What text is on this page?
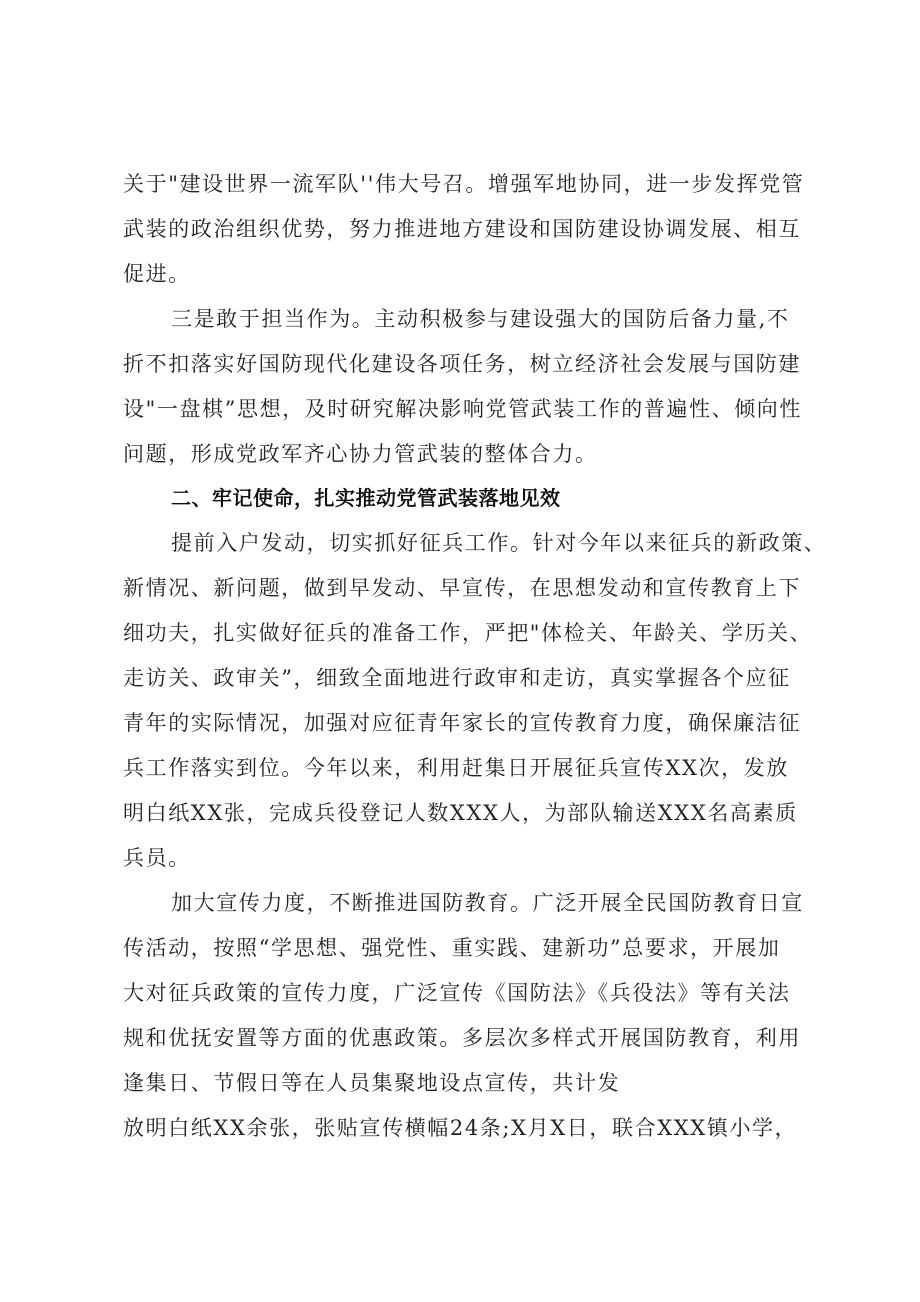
关于"建设世界一流军队''伟大号召。增强军地协同，进一步发挥党管
武装的政治组织优势，努力推进地方建设和国防建设协调发展、相互
促进。
三是敢于担当作为。主动积极参与建设强大的国防后备力量,不
折不扣落实好国防现代化建设各项任务，树立经济社会发展与国防建
设"一盘棋”思想，及时研究解决影响党管武装工作的普遍性、倾向性
问题，形成党政军齐心协力管武装的整体合力。
二、牢记使命，扎实推动党管武装落地见效
提前入户发动，切实抓好征兵工作。针对今年以来征兵的新政策、
新情况、新问题，做到早发动、早宣传，在思想发动和宣传教育上下
细功夫，扎实做好征兵的准备工作，严把"体检关、年龄关、学历关、
走访关、政审关”，细致全面地进行政审和走访，真实掌握各个应征
青年的实际情况，加强对应征青年家长的宣传教育力度，确保廉洁征
兵工作落实到位。今年以来，利用赶集日开展征兵宣传XX次，发放
明白纸XX张，完成兵役登记人数XXX人，为部队输送XXX名高素质
兵员。
加大宣传力度，不断推进国防教育。广泛开展全民国防教育日宣
传活动，按照“学思想、强党性、重实践、建新功”总要求，开展加
大对征兵政策的宣传力度，广泛宣传《国防法》《兵役法》等有关法
规和优抚安置等方面的优惠政策。多层次多样式开展国防教育，利用
逢集日、节假日等在人员集聚地设点宣传，共计发
放明白纸XX余张，张贴宣传横幅24条;X月X日，联合XXX镇小学，
